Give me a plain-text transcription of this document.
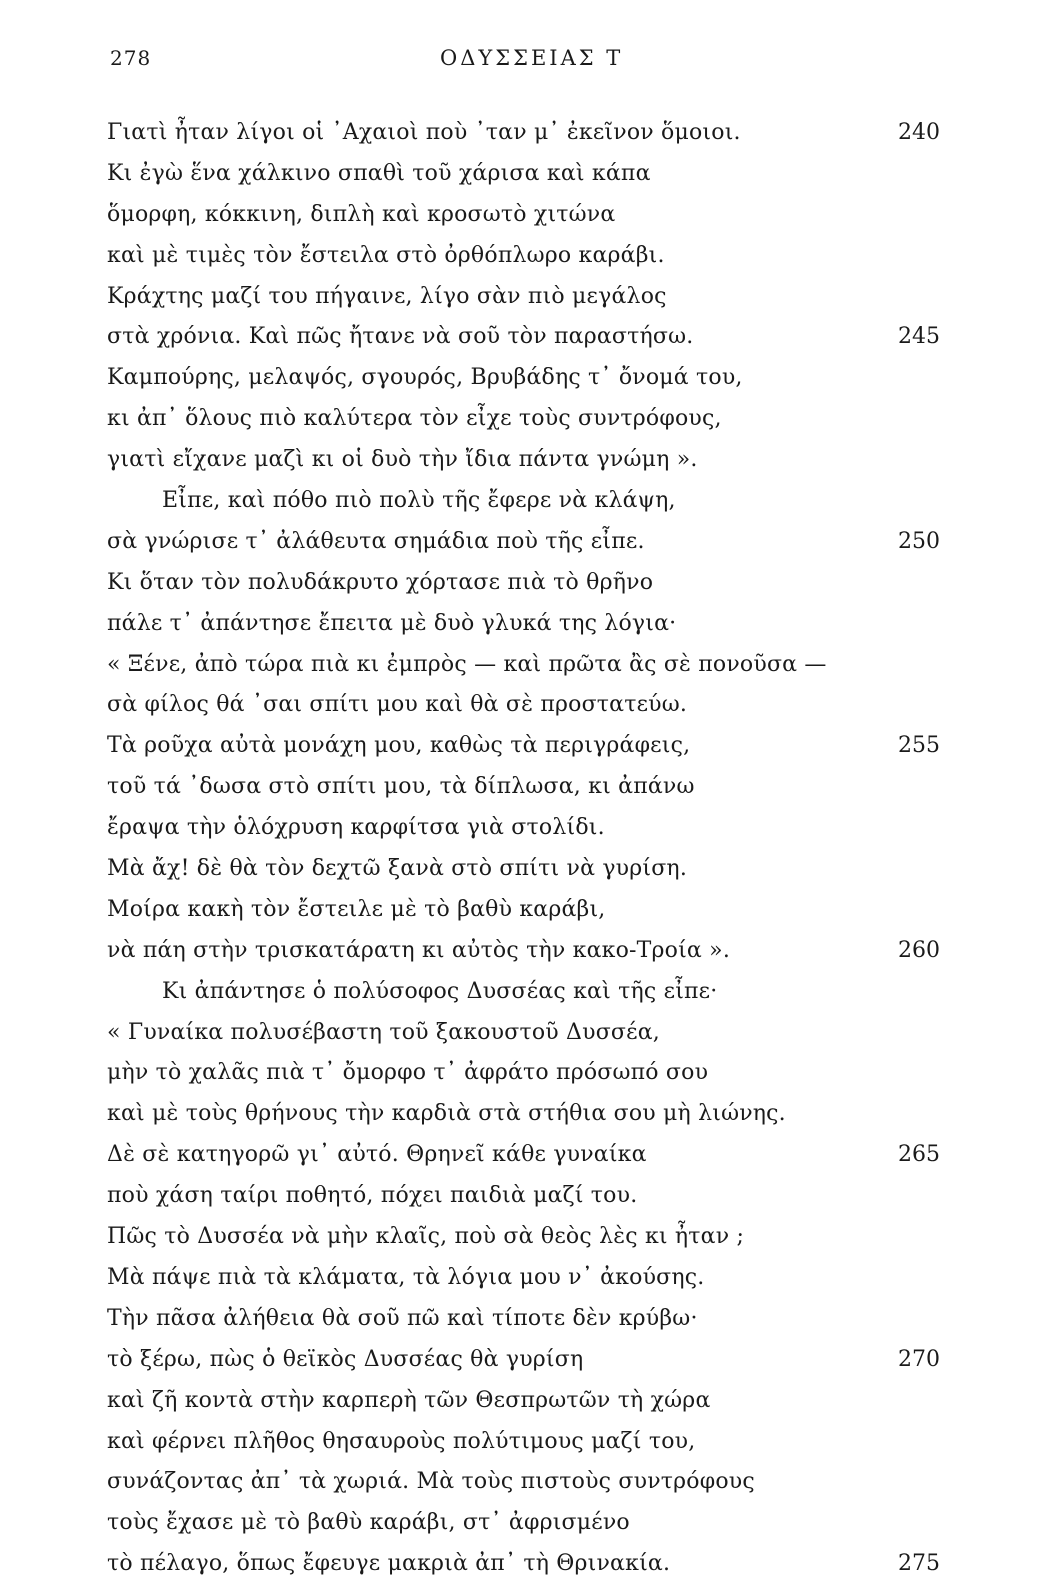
278	ΟΔΥΣΣΕΙΑΣ Τ
Γιατὶ ἦταν λίγοι οἱ ᾿Αχαιοὶ ποὺ ᾿ταν μ᾿ ἐκεῖνον ὅμοιοι.	240
Κι ἐγὼ ἕνα χάλκινο σπαθὶ τοῦ χάρισα καὶ κάπα
ὅμορφη, κόκκινη, διπλὴ καὶ κροσωτὸ χιτώνα
καὶ μὲ τιμὲς τὸν ἔστειλα στὸ ὀρθόπλωρο καράβι.
Κράχτης μαζί του πήγαινε, λίγο σὰν πιὸ μεγάλος
στὰ χρόνια. Καὶ πῶς ἤτανε νὰ σοῦ τὸν παραστήσω.	245
Καμπούρης, μελαψός, σγουρός, Βρυβάδης τ᾿ ὄνομά του,
κι ἀπ᾿ ὅλους πιὸ καλύτερα τὸν εἶχε τοὺς συντρόφους,
γιατὶ εἴχανε μαζὶ κι οἱ δυὸ τὴν ἴδια πάντα γνώμη ».
Εἶπε, καὶ πόθο πιὸ πολὺ τῆς ἔφερε νὰ κλάψη,
σὰ γνώρισε τ᾿ ἀλάθευτα σημάδια ποὺ τῆς εἶπε.	250
Κι ὅταν τὸν πολυδάκρυτο χόρτασε πιὰ τὸ θρῆνο
πάλε τ᾿ ἀπάντησε ἔπειτα μὲ δυὸ γλυκά της λόγια·
« Ξένε, ἀπὸ τώρα πιὰ κι ἐμπρὸς — καὶ πρῶτα ἂς σὲ πονοῦσα —
σὰ φίλος θά ᾿σαι σπίτι μου καὶ θὰ σὲ προστατεύω.
Τὰ ροῦχα αὐτὰ μονάχη μου, καθὼς τὰ περιγράφεις,	255
τοῦ τά ᾿δωσα στὸ σπίτι μου, τὰ δίπλωσα, κι ἀπάνω
ἔραψα τὴν ὁλόχρυση καρφίτσα γιὰ στολίδι.
Μὰ ἄχ! δὲ θὰ τὸν δεχτῶ ξανὰ στὸ σπίτι νὰ γυρίση.
Μοίρα κακὴ τὸν ἔστειλε μὲ τὸ βαθὺ καράβι,
νὰ πάη στὴν τρισκατάρατη κι αὐτὸς τὴν κακο-Τροία ».	260
Κι ἀπάντησε ὁ πολύσοφος Δυσσέας καὶ τῆς εἶπε·
« Γυναίκα πολυσέβαστη τοῦ ξακουστοῦ Δυσσέα,
μὴν τὸ χαλᾶς πιὰ τ᾿ ὄμορφο τ᾿ ἀφράτο πρόσωπό σου
καὶ μὲ τοὺς θρήνους τὴν καρδιὰ στὰ στήθια σου μὴ λιώνης.
Δὲ σὲ κατηγορῶ γι᾿ αὐτό. Θρηνεῖ κάθε γυναίκα	265
ποὺ χάση ταίρι ποθητό, πόχει παιδιὰ μαζί του.
Πῶς τὸ Δυσσέα νὰ μὴν κλαῖς, ποὺ σὰ θεὸς λὲς κι ἦταν ;
Μὰ πάψε πιὰ τὰ κλάματα, τὰ λόγια μου ν᾿ ἀκούσης.
Τὴν πᾶσα ἀλήθεια θὰ σοῦ πῶ καὶ τίποτε δὲν κρύβω·
τὸ ξέρω, πὼς ὁ θεϊκὸς Δυσσέας θὰ γυρίση	270
καὶ ζῆ κοντὰ στὴν καρπερὴ τῶν Θεσπρωτῶν τὴ χώρα
καὶ φέρνει πλῆθος θησαυροὺς πολύτιμους μαζί του,
συνάζοντας ἀπ᾿ τὰ χωριά. Μὰ τοὺς πιστοὺς συντρόφους
τοὺς ἔχασε μὲ τὸ βαθὺ καράβι, στ᾿ ἀφρισμένο
τὸ πέλαγο, ὅπως ἔφευγε μακριὰ ἀπ᾿ τὴ Θρινακία.	275
